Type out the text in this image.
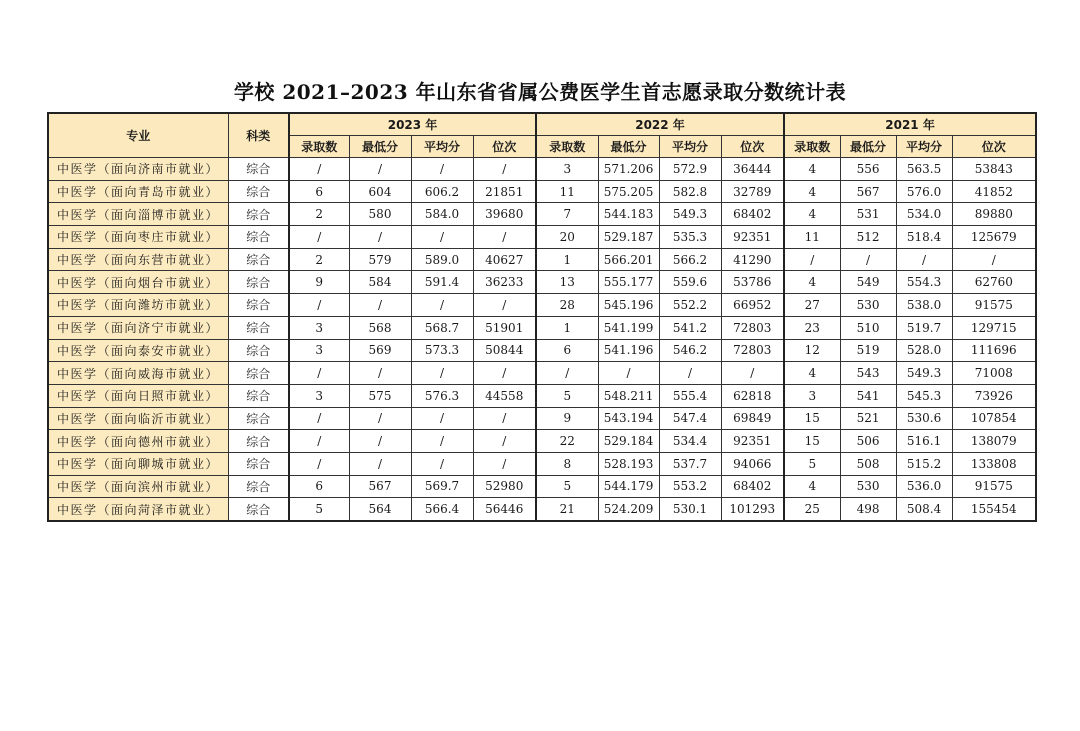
学校 2021–2023 年山东省省属公费医学生首志愿录取分数统计表
专业	科类	2023 年				2022 年				2021 年			
		录取数	最低分	平均分	位次	录取数	最低分	平均分	位次	录取数	最低分	平均分	位次
中医学（面向济南市就业）	综合	/	/	/	/	3	571.206	572.9	36444	4	556	563.5	53843
中医学（面向青岛市就业）	综合	6	604	606.2	21851	11	575.205	582.8	32789	4	567	576.0	41852
中医学（面向淄博市就业）	综合	2	580	584.0	39680	7	544.183	549.3	68402	4	531	534.0	89880
中医学（面向枣庄市就业）	综合	/	/	/	/	20	529.187	535.3	92351	11	512	518.4	125679
中医学（面向东营市就业）	综合	2	579	589.0	40627	1	566.201	566.2	41290	/	/	/	/
中医学（面向烟台市就业）	综合	9	584	591.4	36233	13	555.177	559.6	53786	4	549	554.3	62760
中医学（面向潍坊市就业）	综合	/	/	/	/	28	545.196	552.2	66952	27	530	538.0	91575
中医学（面向济宁市就业）	综合	3	568	568.7	51901	1	541.199	541.2	72803	23	510	519.7	129715
中医学（面向泰安市就业）	综合	3	569	573.3	50844	6	541.196	546.2	72803	12	519	528.0	111696
中医学（面向威海市就业）	综合	/	/	/	/	/	/	/	/	4	543	549.3	71008
中医学（面向日照市就业）	综合	3	575	576.3	44558	5	548.211	555.4	62818	3	541	545.3	73926
中医学（面向临沂市就业）	综合	/	/	/	/	9	543.194	547.4	69849	15	521	530.6	107854
中医学（面向德州市就业）	综合	/	/	/	/	22	529.184	534.4	92351	15	506	516.1	138079
中医学（面向聊城市就业）	综合	/	/	/	/	8	528.193	537.7	94066	5	508	515.2	133808
中医学（面向滨州市就业）	综合	6	567	569.7	52980	5	544.179	553.2	68402	4	530	536.0	91575
中医学（面向菏泽市就业）	综合	5	564	566.4	56446	21	524.209	530.1	101293	25	498	508.4	155454
